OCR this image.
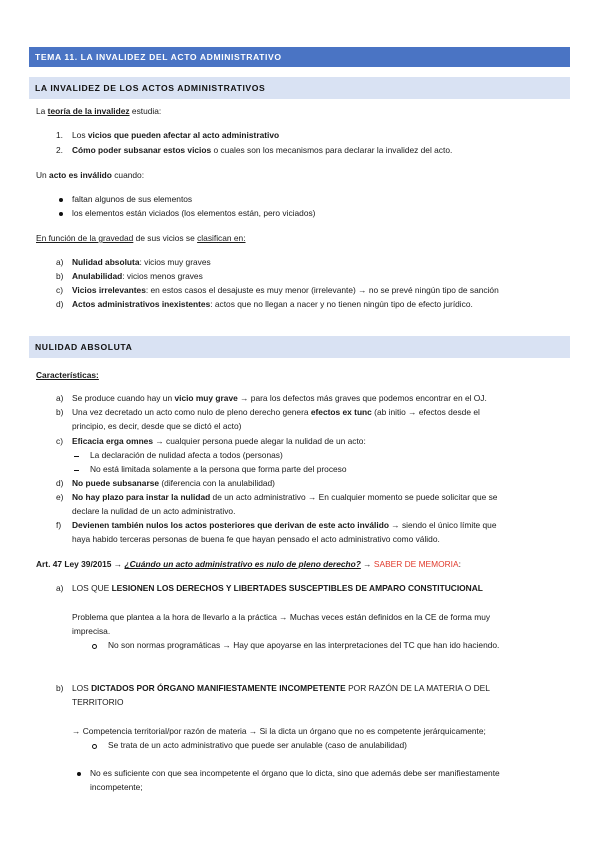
TEMA 11. LA INVALIDEZ DEL ACTO ADMINISTRATIVO
LA INVALIDEZ DE LOS ACTOS ADMINISTRATIVOS
La teoría de la invalidez estudia:
1.	Los vicios que pueden afectar al acto administrativo
2.	Cómo poder subsanar estos vicios o cuales son los mecanismos para declarar la invalidez del acto.
Un acto es inválido cuando:
faltan algunos de sus elementos
los elementos están viciados (los elementos están, pero viciados)
En función de la gravedad de sus vicios se clasifican en:
a)	Nulidad absoluta: vicios muy graves
b)	Anulabilidad: vicios menos graves
c)	Vicios irrelevantes: en estos casos el desajuste es muy menor (irrelevante) → no se prevé ningún tipo de sanción
d)	Actos administrativos inexistentes: actos que no llegan a nacer y no tienen ningún tipo de efecto jurídico.
NULIDAD ABSOLUTA
Características:
a)	Se produce cuando hay un vicio muy grave → para los defectos más graves que podemos encontrar en el OJ.
b)	Una vez decretado un acto como nulo de pleno derecho genera efectos ex tunc (ab initio → efectos desde el
principio, es decir, desde que se dictó el acto)
c)	Eficacia erga omnes → cualquier persona puede alegar la nulidad de un acto:
La declaración de nulidad afecta a todos (personas)
No está limitada solamente a la persona que forma parte del proceso
d)	No puede subsanarse (diferencia con la anulabilidad)
e)	No hay plazo para instar la nulidad de un acto administrativo → En cualquier momento se puede solicitar que se
declare la nulidad de un acto administrativo.
f)	Devienen también nulos los actos posteriores que derivan de este acto inválido → siendo el único límite que
haya habido terceras personas de buena fe que hayan pensado el acto administrativo como válido.
Art. 47 Ley 39/2015 → ¿Cuándo un acto administrativo es nulo de pleno derecho? → SABER DE MEMORIA:
a)	LOS QUE LESIONEN LOS DERECHOS Y LIBERTADES SUSCEPTIBLES DE AMPARO CONSTITUCIONAL
Problema que plantea a la hora de llevarlo a la práctica → Muchas veces están definidos en la CE de forma muy
imprecisa.
No son normas programáticas → Hay que apoyarse en las interpretaciones del TC que han ido haciendo.
b)	LOS DICTADOS POR ÓRGANO MANIFIESTAMENTE INCOMPETENTE POR RAZÓN DE LA MATERIA O DEL
TERRITORIO
→ Competencia territorial/por razón de materia → Si la dicta un órgano que no es competente jerárquicamente;
Se trata de un acto administrativo que puede ser anulable (caso de anulabilidad)
No es suficiente con que sea incompetente el órgano que lo dicta, sino que además debe ser manifiestamente
incompetente;
